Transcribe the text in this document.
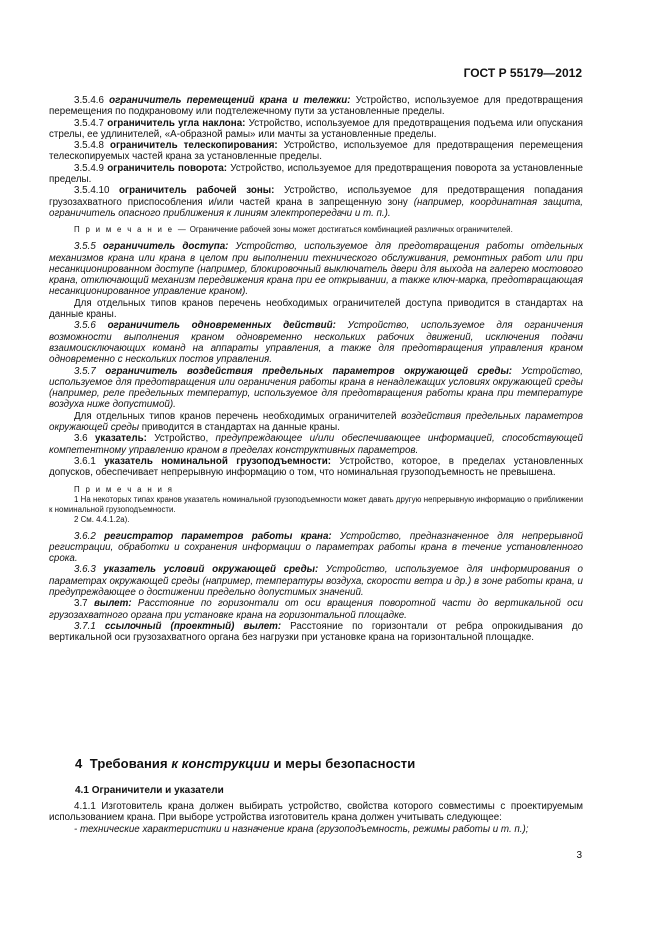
ГОСТ Р 55179—2012

3.5.4.6 ограничитель перемещений крана и тележки: Устройство, используемое для предотвращения перемещения по подкрановому или подтележечному пути за установленные пределы.

3.5.4.7 ограничитель угла наклона: Устройство, используемое для предотвращения подъема или опускания стрелы, ее удлинителей, «А-образной рамы» или мачты за установленные пределы.

3.5.4.8 ограничитель телескопирования: Устройство, используемое для предотвращения перемещения телескопируемых частей крана за установленные пределы.

3.5.4.9 ограничитель поворота: Устройство, используемое для предотвращения поворота за установленные пределы.

3.5.4.10 ограничитель рабочей зоны: Устройство, используемое для предотвращения попадания грузозахватного приспособления и/или частей крана в запрещенную зону (например, координатная защита, ограничитель опасного приближения к линиям электропередачи и т. п.).

П р и м е ч а н и е — Ограничение рабочей зоны может достигаться комбинацией различных ограничителей.

3.5.5 ограничитель доступа: Устройство, используемое для предотвращения работы отдельных механизмов крана или крана в целом при выполнении технического обслуживания, ремонтных работ или при несанкционированном доступе (например, блокировочный выключатель двери для выхода на галерею мостового крана, отключающий механизм передвижения крана при ее открывании, а также ключ-марка, предотвращающая несанкционированное управление краном).

Для отдельных типов кранов перечень необходимых ограничителей доступа приводится в стандартах на данные краны.

3.5.6 ограничитель одновременных действий: Устройство, используемое для ограничения возможности выполнения краном одновременно нескольких рабочих движений, исключения подачи взаимоисключающих команд на аппараты управления, а также для предотвращения управления краном одновременно с нескольких постов управления.

3.5.7 ограничитель воздействия предельных параметров окружающей среды: Устройство, используемое для предотвращения или ограничения работы крана в ненадлежащих условиях окружающей среды (например, реле предельных температур, используемое для предотвращения работы крана при температуре воздуха ниже допустимой).

Для отдельных типов кранов перечень необходимых ограничителей воздействия предельных параметров окружающей среды приводится в стандартах на данные краны.

3.6 указатель: Устройство, предупреждающее и/или обеспечивающее информацией, способствующей компетентному управлению краном в пределах конструктивных параметров.

3.6.1 указатель номинальной грузоподъемности: Устройство, которое, в пределах установленных допусков, обеспечивает непрерывную информацию о том, что номинальная грузоподъемность не превышена.

П р и м е ч а н и я

1 На некоторых типах кранов указатель номинальной грузоподъемности может давать другую непрерывную информацию о приближении к номинальной грузоподъемности.

2 См. 4.4.1.2а).

3.6.2 регистратор параметров работы крана: Устройство, предназначенное для непрерывной регистрации, обработки и сохранения информации о параметрах работы крана в течение установленного срока.

3.6.3 указатель условий окружающей среды: Устройство, используемое для информирования о параметрах окружающей среды (например, температуры воздуха, скорости ветра и др.) в зоне работы крана, и предупреждающее о достижении предельно допустимых значений.

3.7 вылет: Расстояние по горизонтали от оси вращения поворотной части до вертикальной оси грузозахватного органа при установке крана на горизонтальной площадке.

3.7.1 ссылочный (проектный) вылет: Расстояние по горизонтали от ребра опрокидывания до вертикальной оси грузозахватного органа без нагрузки при установке крана на горизонтальной площадке.

4 Требования к конструкции и меры безопасности
4.1 Ограничители и указатели

4.1.1 Изготовитель крана должен выбирать устройство, свойства которого совместимы с проектируемым использованием крана. При выборе устройства изготовитель крана должен учитывать следующее:

- технические характеристики и назначение крана (грузоподъемность, режимы работы и т. п.);

3
